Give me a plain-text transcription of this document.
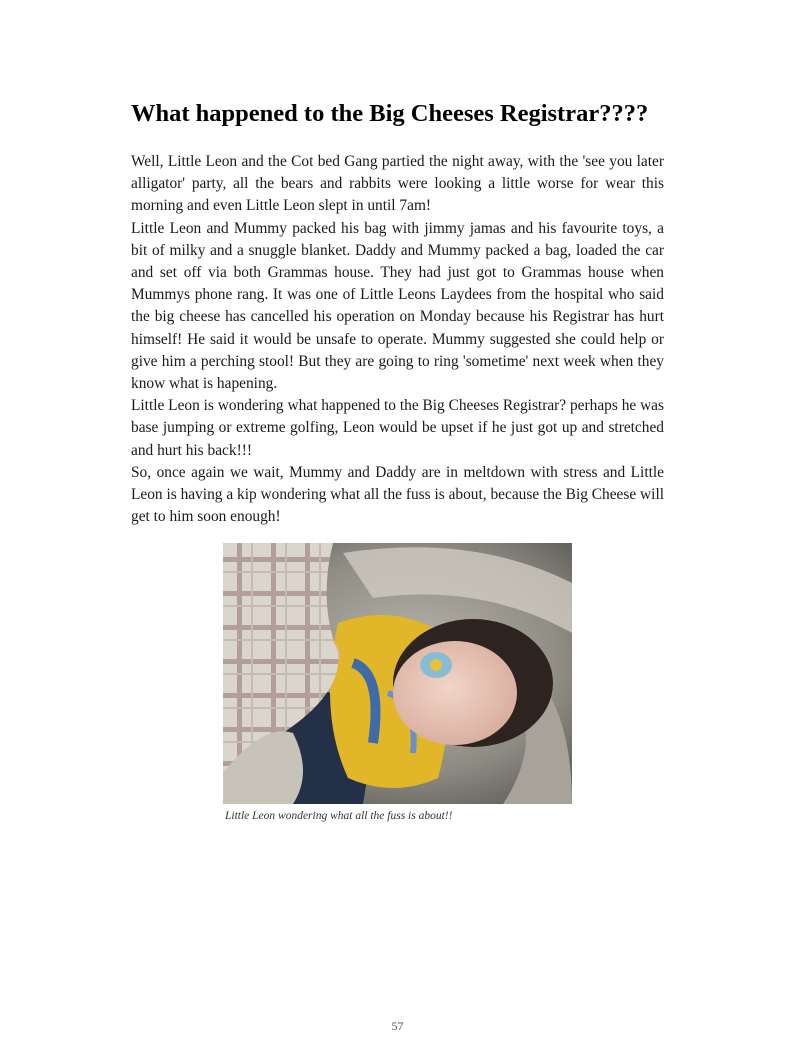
What happened to the Big Cheeses Registrar????

Well, Little Leon and the Cot bed Gang partied the night away, with the 'see you later alligator' party, all the bears and rabbits were looking a little worse for wear this morning and even Little Leon slept in until 7am!

Little Leon and Mummy packed his bag with jimmy jamas and his favourite toys, a bit of milky and a snuggle blanket. Daddy and Mummy packed a bag, loaded the car and set off via both Grammas house. They had just got to Grammas house when Mummys phone rang. It was one of Little Leons Laydees from the hospital who said the big cheese has cancelled his operation on Monday because his Registrar has hurt himself! He said it would be unsafe to operate. Mummy suggested she could help or give him a perching stool! But they are going to ring 'sometime' next week when they know what is hapening.

Little Leon is wondering what happened to the Big Cheeses Registrar? perhaps he was base jumping or extreme golfing, Leon would be upset if he just got up and stretched and hurt his back!!!

So, once again we wait, Mummy and Daddy are in meltdown with stress and Little Leon is having a kip wondering what all the fuss is about, because the Big Cheese will get to him soon enough!

Little Leon wondering what all the fuss is about!!

57
